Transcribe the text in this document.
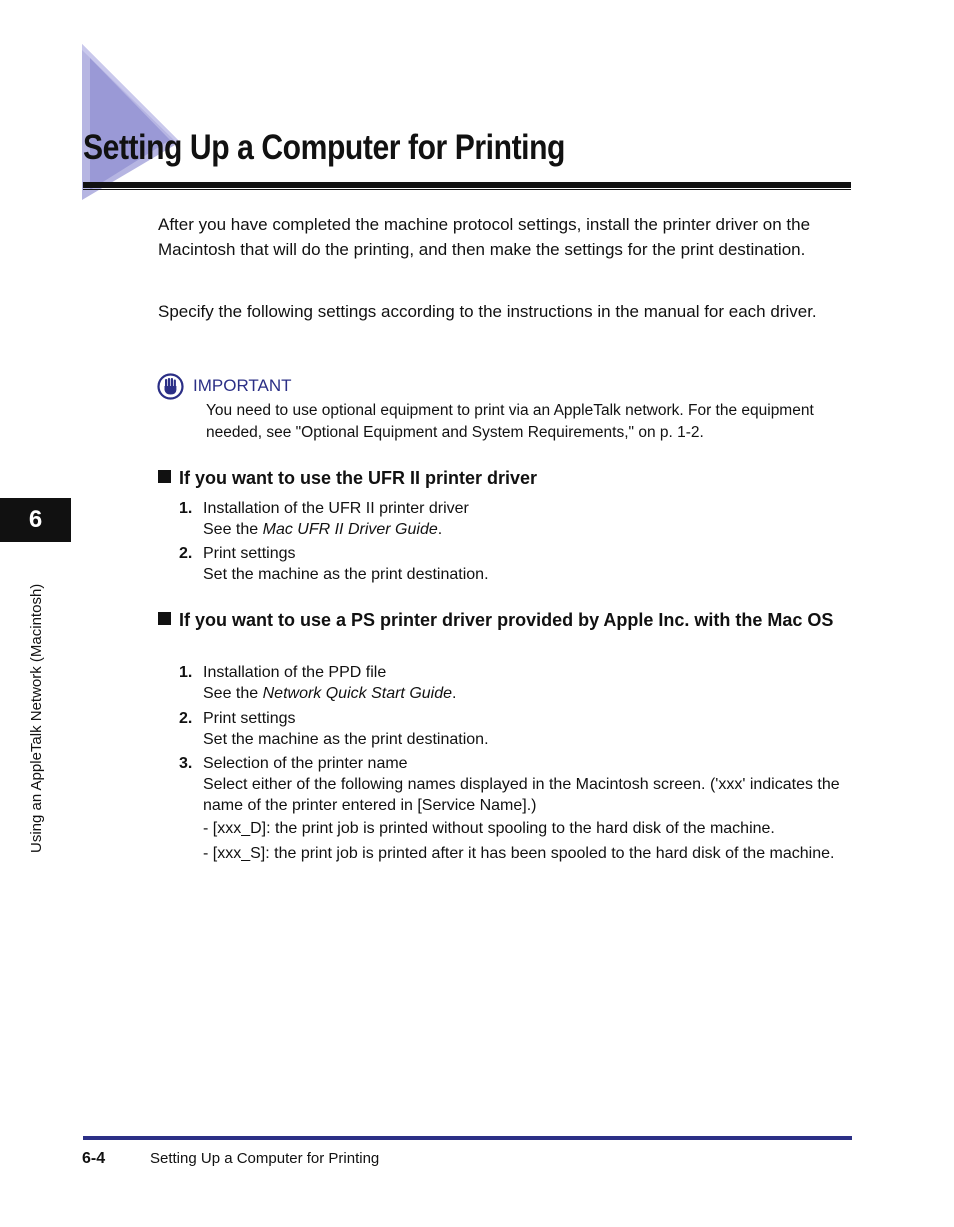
Setting Up a Computer for Printing

After you have completed the machine protocol settings, install the printer driver on the Macintosh that will do the printing, and then make the settings for the print destination.

Specify the following settings according to the instructions in the manual for each driver.

IMPORTANT

You need to use optional equipment to print via an AppleTalk network. For the equipment needed, see "Optional Equipment and System Requirements," on p. 1-2.

If you want to use the UFR II printer driver
1. Installation of the UFR II printer driver
See the Mac UFR II Driver Guide.
2. Print settings
Set the machine as the print destination.
If you want to use a PS printer driver provided by Apple Inc. with the Mac OS
1. Installation of the PPD file
See the Network Quick Start Guide.
2. Print settings
Set the machine as the print destination.
3. Selection of the printer name
Select either of the following names displayed in the Macintosh screen. ('xxx' indicates the name of the printer entered in [Service Name].)

- [xxx_D]: the print job is printed without spooling to the hard disk of the machine.

- [xxx_S]: the print job is printed after it has been spooled to the hard disk of the machine.

6
Using an AppleTalk Network (Macintosh)
6-4	Setting Up a Computer for Printing
